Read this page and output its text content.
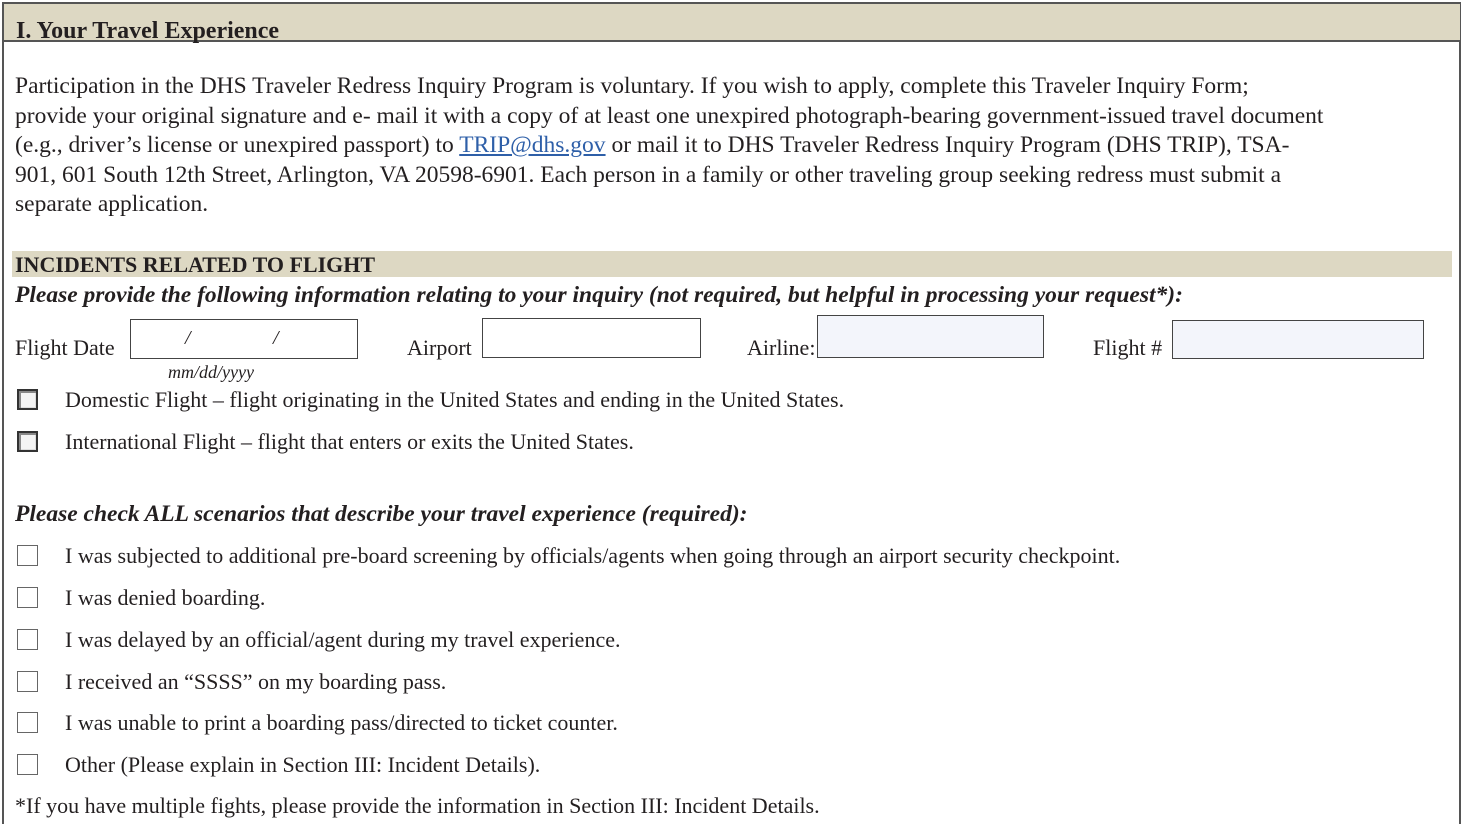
I. Your Travel Experience
Participation in the DHS Traveler Redress Inquiry Program is voluntary. If you wish to apply, complete this Traveler Inquiry Form;
provide your original signature and e- mail it with a copy of at least one unexpired photograph-bearing government-issued travel document
(e.g., driver’s license or unexpired passport) to TRIP@dhs.gov or mail it to DHS Traveler Redress Inquiry Program (DHS TRIP), TSA-
901, 601 South 12th Street, Arlington, VA 20598-6901. Each person in a family or other traveling group seeking redress must submit a
separate application.
INCIDENTS RELATED TO FLIGHT
Please provide the following information relating to your inquiry (not required, but helpful in processing your request*):
Flight Date	/	/
mm/dd/yyyy
Airport	Airline:	Flight #
Domestic Flight – flight originating in the United States and ending in the United States.
International Flight – flight that enters or exits the United States.
Please check ALL scenarios that describe your travel experience (required):
I was subjected to additional pre-board screening by officials/agents when going through an airport security checkpoint.
I was denied boarding.
I was delayed by an official/agent during my travel experience.
I received an “SSSS” on my boarding pass.
I was unable to print a boarding pass/directed to ticket counter.
Other (Please explain in Section III: Incident Details).
*If you have multiple fights, please provide the information in Section III: Incident Details.
